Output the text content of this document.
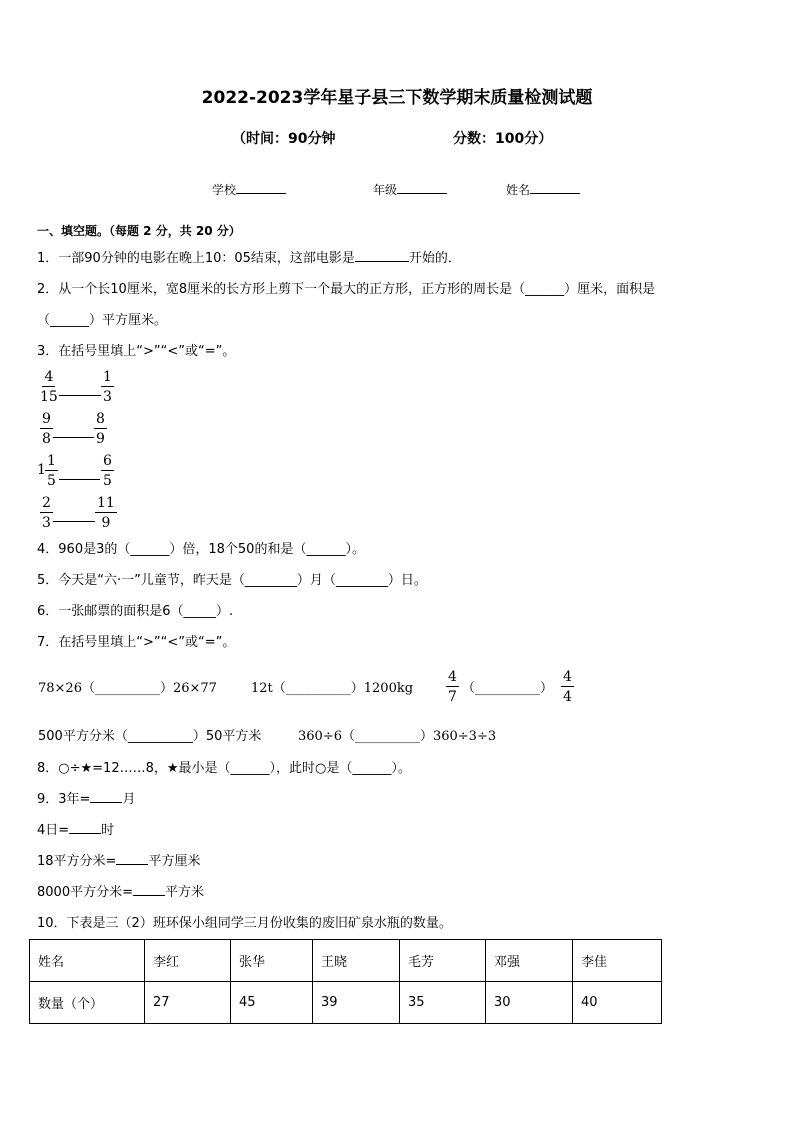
2022-2023学年星子县三下数学期末质量检测试题
（时间：90分钟	分数：100分）
学校	年级	姓名
一、填空题。（每题 2 分，共 20 分）
1．一部90分钟的电影在晚上10：05结束，这部电影是	开始的．
2．从一个长10厘米，宽8厘米的长方形上剪下一个最大的正方形，正方形的周长是（______）厘米，面积是
（______）平方厘米。
3．在括号里填上“>”“<”或“=”。
$\frac{4}{15}$	$\frac{1}{3}$
$\frac{9}{8}$	$\frac{8}{9}$
$1 \frac{1}{5}$	$\frac{6}{5}$
$\frac{2}{3}$	$\frac{11}{9}$
4．960是3的（______）倍，18个50的和是（______）。
5．今天是“六·一”儿童节，昨天是（________）月（________）日。
6．一张邮票的面积是6（_____）.
7．在括号里填上“>”“<”或“=”。
78×26（__________）26×77	12t（__________）1200kg $\frac{4}{7}$ （__________） $\frac{4}{4}$
500平方分米（__________）50平方米	360÷6（__________）360÷3÷3
8．○÷★=12……8，★最小是（______），此时○是（______）。
9．3年= 月
4日= 时
18平方分米= 平方厘米
8000平方分米= 平方米
10．下表是三（2）班环保小组同学三月份收集的废旧矿泉水瓶的数量。
姓名	李红	张华	王晓	毛芳	邓强	李佳
数量（个）	27	45	39	35	30	40
